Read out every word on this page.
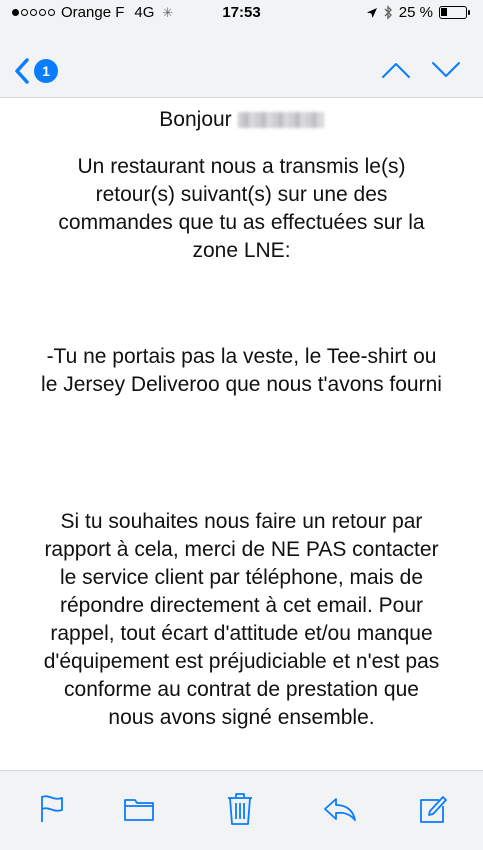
Orange F 4G ✳	17:53	25 %
1
Bonjour
Un restaurant nous a transmis le(s) retour(s) suivant(s) sur une des commandes que tu as effectuées sur la zone LNE:
-Tu ne portais pas la veste, le Tee-shirt ou le Jersey Deliveroo que nous t'avons fourni
Si tu souhaites nous faire un retour par rapport à cela, merci de NE PAS contacter le service client par téléphone, mais de répondre directement à cet email. Pour rappel, tout écart d'attitude et/ou manque d'équipement est préjudiciable et n'est pas conforme au contrat de prestation que nous avons signé ensemble.
